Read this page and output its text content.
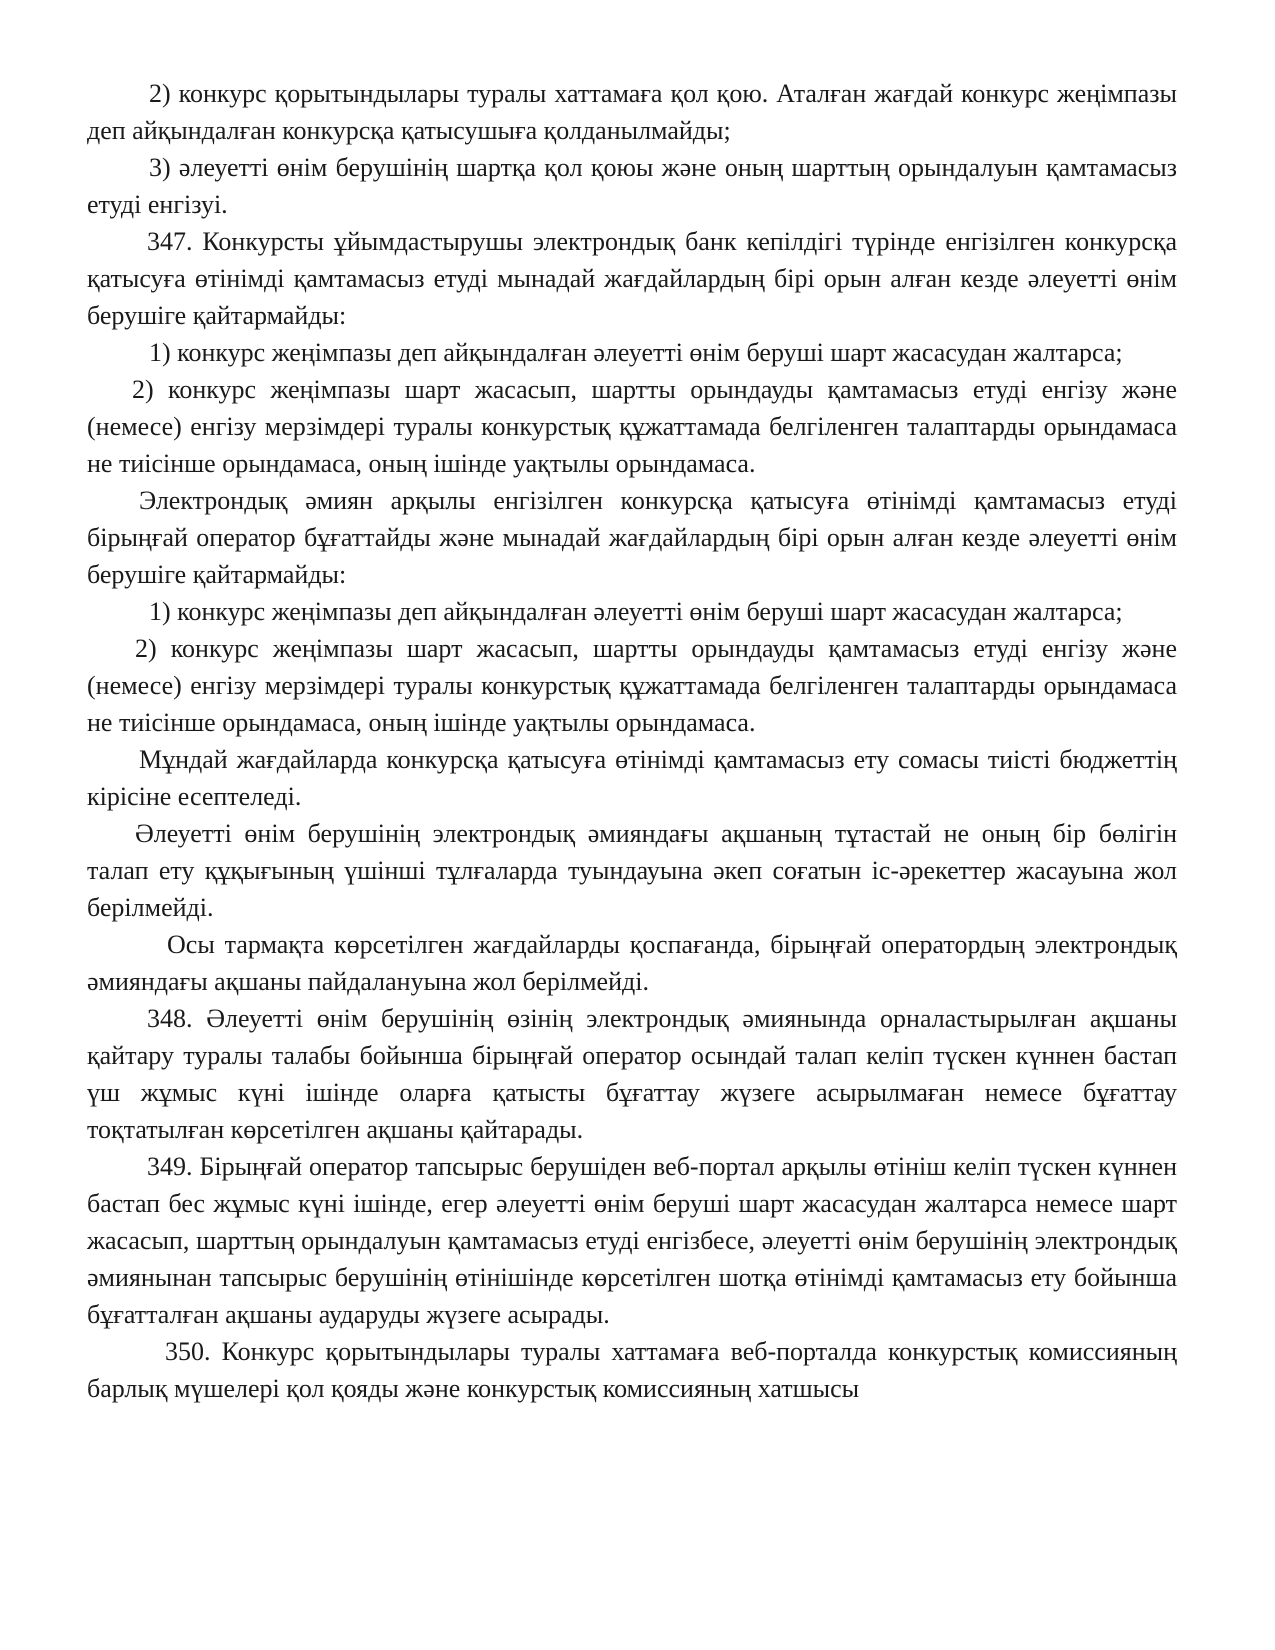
2) конкурс қорытындылары туралы хаттамаға қол қою. Аталған жағдай конкурс жеңімпазы деп айқындалған конкурсқа қатысушыға қолданылмайды;

3) әлеуетті өнім берушінің шартқа қол қоюы және оның шарттың орындалуын қамтамасыз етуді енгізуі.

347. Конкурсты ұйымдастырушы электрондық банк кепілдігі түрінде енгізілген конкурсқа қатысуға өтінімді қамтамасыз етуді мынадай жағдайлардың бірі орын алған кезде әлеуетті өнім берушіге қайтармайды:

1) конкурс жеңімпазы деп айқындалған әлеуетті өнім беруші шарт жасасудан жалтарса;

2) конкурс жеңімпазы шарт жасасып, шартты орындауды қамтамасыз етуді енгізу және (немесе) енгізу мерзімдері туралы конкурстық құжаттамада белгіленген талаптарды орындамаса не тиісінше орындамаса, оның ішінде уақтылы орындамаса.

Электрондық әмиян арқылы енгізілген конкурсқа қатысуға өтінімді қамтамасыз етуді бірыңғай оператор бұғаттайды және мынадай жағдайлардың бірі орын алған кезде әлеуетті өнім берушіге қайтармайды:

1) конкурс жеңімпазы деп айқындалған әлеуетті өнім беруші шарт жасасудан жалтарса;

2) конкурс жеңімпазы шарт жасасып, шартты орындауды қамтамасыз етуді енгізу және (немесе) енгізу мерзімдері туралы конкурстық құжаттамада белгіленген талаптарды орындамаса не тиісінше орындамаса, оның ішінде уақтылы орындамаса.

Мұндай жағдайларда конкурсқа қатысуға өтінімді қамтамасыз ету сомасы тиісті бюджеттің кірісіне есептеледі.

Әлеуетті өнім берушінің электрондық әмияндағы ақшаның тұтастай не оның бір бөлігін талап ету құқығының үшінші тұлғаларда туындауына әкеп соғатын іс-әрекеттер жасауына жол берілмейді.

Осы тармақта көрсетілген жағдайларды қоспағанда, бірыңғай оператордың электрондық әмияндағы ақшаны пайдалануына жол берілмейді.

348. Әлеуетті өнім берушінің өзінің электрондық әмиянында орналастырылған ақшаны қайтару туралы талабы бойынша бірыңғай оператор осындай талап келіп түскен күннен бастап үш жұмыс күні ішінде оларға қатысты бұғаттау жүзеге асырылмаған немесе бұғаттау тоқтатылған көрсетілген ақшаны қайтарады.

349. Бірыңғай оператор тапсырыс берушіден веб-портал арқылы өтініш келіп түскен күннен бастап бес жұмыс күні ішінде, егер әлеуетті өнім беруші шарт жасасудан жалтарса немесе шарт жасасып, шарттың орындалуын қамтамасыз етуді енгізбесе, әлеуетті өнім берушінің электрондық әмиянынан тапсырыс берушінің өтінішінде көрсетілген шотқа өтінімді қамтамасыз ету бойынша бұғатталған ақшаны аударуды жүзеге асырады.

350. Конкурс қорытындылары туралы хаттамаға веб-порталда конкурстық комиссияның барлық мүшелері қол қояды және конкурстық комиссияның хатшысы
